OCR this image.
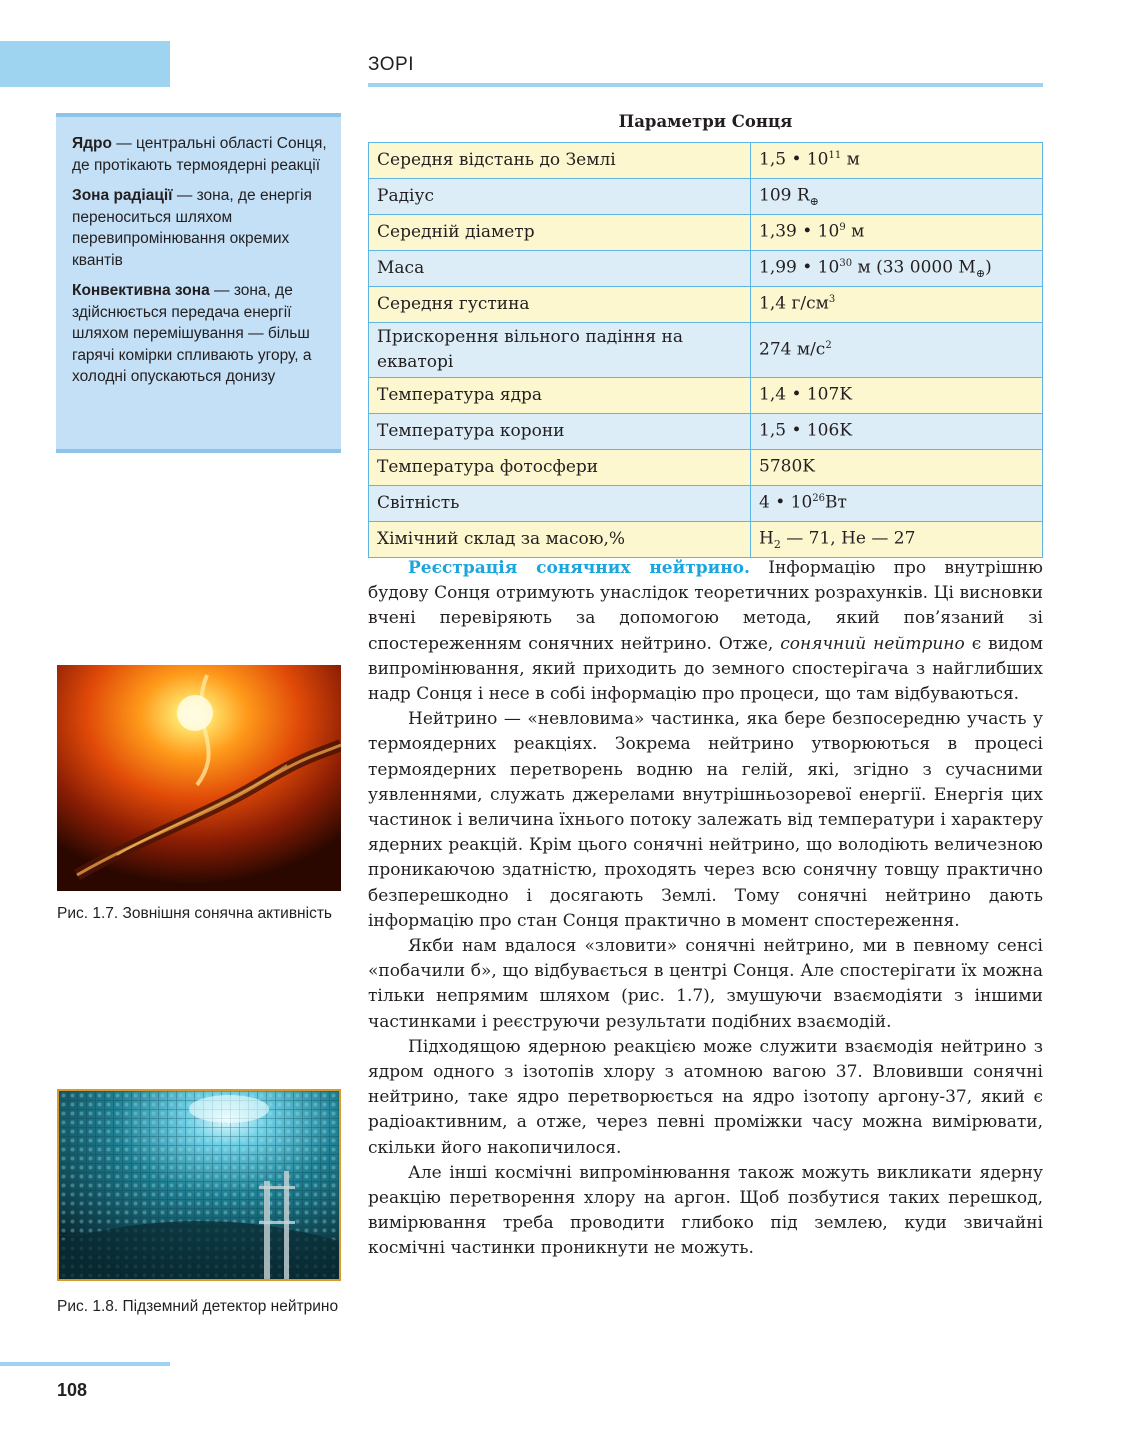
ЗОРІ

Ядро — центральні області Сонця, де протікають термоядерні реакції

Зона радіації — зона, де енергія переноситься шляхом перевипромінювання окремих квантів

Конвективна зона — зона, де здійснюється передача енергії шляхом перемішування — більш гарячі комірки спливають угору, а холодні опускаються донизу

Параметри Сонця
Середня відстань до Землі	1,5 • $10^{11}$ м
Радіус	109 $R_\oplus$
Середній діаметр	1,39 • $10^9$ м
Маса	1,99 • $10^{30}$ м (33 0000 $M_\oplus$)
Середня густина	1,4 $г/см^3$
Прискорення вільного падіння на екваторі	274 $м/с^2$
Температура ядра	1,4 • 107K
Температура корони	1,5 • 106K
Температура фотосфери	5780K
Світність	4 • $10^{26}Вт$
Хімічний склад за масою,%	$H_2$ — 71, He — 27
Рис. 1.7. Зовнішня сонячна активність
Рис. 1.8. Підземний детектор нейтрино

Реєстрація сонячних нейтрино. Інформацію про внутрішню будову Сонця отримують унаслідок теоретичних розрахунків. Ці висновки вчені перевіряють за допомогою метода, який пов’язаний зі спостереженням сонячних нейтрино. Отже, сонячний нейтрино є видом випромінювання, який приходить до земного спостерігача з найглибших надр Сонця і несе в собі інформацію про процеси, що там відбуваються.

Нейтрино — «невловима» частинка, яка бере безпосередню участь у термоядерних реакціях. Зокрема нейтрино утворюються в процесі термоядерних перетворень водню на гелій, які, згідно з сучасними уявленнями, служать джерелами внутрішньозоревої енергії. Енергія цих частинок і величина їхнього потоку залежать від температури і характеру ядерних реакцій. Крім цього сонячні нейтрино, що володіють величезною проникаючою здатністю, проходять через всю сонячну товщу практично безперешкодно і досягають Землі. Тому сонячні нейтрино дають інформацію про стан Сонця практично в момент спостереження.

Якби нам вдалося «зловити» сонячні нейтрино, ми в певному сенсі «побачили б», що відбувається в центрі Сонця. Але спостерігати їх можна тільки непрямим шляхом (рис. 1.7), змушуючи взаємодіяти з іншими частинками і реєструючи результати подібних взаємодій.

Підходящою ядерною реакцією може служити взаємодія нейтрино з ядром одного з ізотопів хлору з атомною вагою 37. Вловивши сонячні нейтрино, таке ядро перетворюється на ядро ізотопу аргону-37, який є радіоактивним, а отже, через певні проміжки часу можна вимірювати, скільки його накопичилося.

Але інші космічні випромінювання також можуть викликати ядерну реакцію перетворення хлору на аргон. Щоб позбутися таких перешкод, вимірювання треба проводити глибоко під землею, куди звичайні космічні частинки проникнути не можуть.

108
